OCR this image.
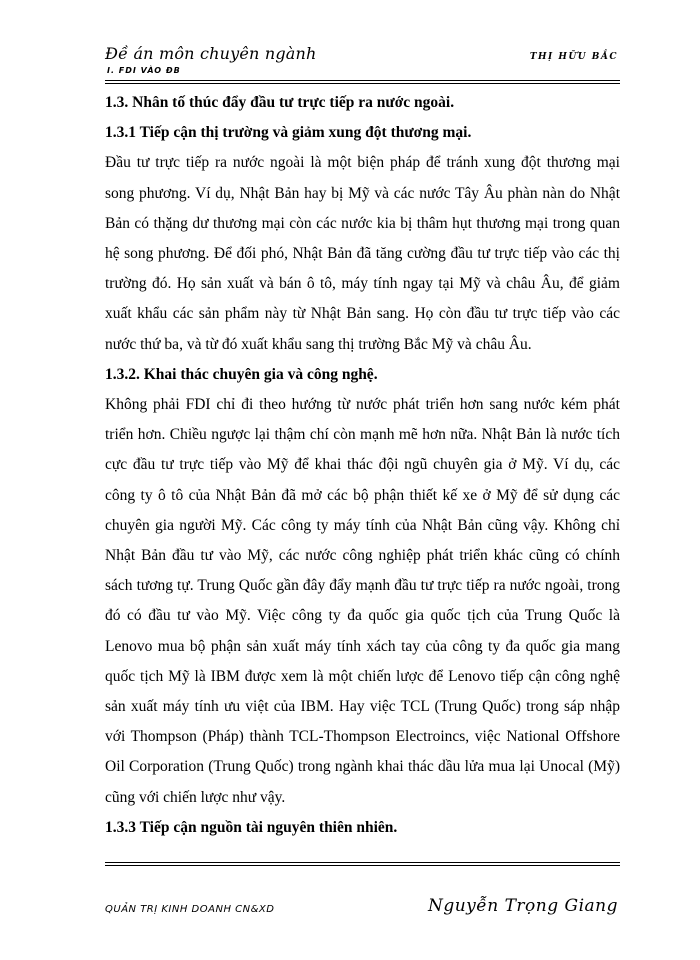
Đề án môn chuyên ngành
I. FDI VÀO ĐB
THỊ HỮU BẮC

1.3. Nhân tố thúc đẩy đầu tư trực tiếp ra nước ngoài.

1.3.1 Tiếp cận thị trường và giảm xung đột thương mại.

Đầu tư trực tiếp ra nước ngoài là một biện pháp để tránh xung đột thương mại song phương. Ví dụ, Nhật Bản hay bị Mỹ và các nước Tây Âu phàn nàn do Nhật Bản có thặng dư thương mại còn các nước kia bị thâm hụt thương mại trong quan hệ song phương. Để đối phó, Nhật Bản đã tăng cường đầu tư trực tiếp vào các thị trường đó. Họ sản xuất và bán ô tô, máy tính ngay tại Mỹ và châu Âu, để giảm xuất khẩu các sản phẩm này từ Nhật Bản sang. Họ còn đầu tư trực tiếp vào các nước thứ ba, và từ đó xuất khẩu sang thị trường Bắc Mỹ và châu Âu.

1.3.2. Khai thác chuyên gia và công nghệ.

Không phải FDI chỉ đi theo hướng từ nước phát triển hơn sang nước kém phát triển hơn. Chiều ngược lại thậm chí còn mạnh mẽ hơn nữa. Nhật Bản là nước tích cực đầu tư trực tiếp vào Mỹ để khai thác đội ngũ chuyên gia ở Mỹ. Ví dụ, các công ty ô tô của Nhật Bản đã mở các bộ phận thiết kế xe ở Mỹ để sử dụng các chuyên gia người Mỹ. Các công ty máy tính của Nhật Bản cũng vậy. Không chỉ Nhật Bản đầu tư vào Mỹ, các nước công nghiệp phát triển khác cũng có chính sách tương tự. Trung Quốc gần đây đẩy mạnh đầu tư trực tiếp ra nước ngoài, trong đó có đầu tư vào Mỹ. Việc công ty đa quốc gia quốc tịch của Trung Quốc là Lenovo mua bộ phận sản xuất máy tính xách tay của công ty đa quốc gia mang quốc tịch Mỹ là IBM được xem là một chiến lược để Lenovo tiếp cận công nghệ sản xuất máy tính ưu việt của IBM. Hay việc TCL (Trung Quốc) trong sáp nhập với Thompson (Pháp) thành TCL-Thompson Electroincs, việc National Offshore Oil Corporation (Trung Quốc) trong ngành khai thác dầu lửa mua lại Unocal (Mỹ) cũng với chiến lược như vậy.

1.3.3 Tiếp cận nguồn tài nguyên thiên nhiên.

QUẢN TRỊ KINH DOANH CN&XD	Nguyễn Trọng Giang
